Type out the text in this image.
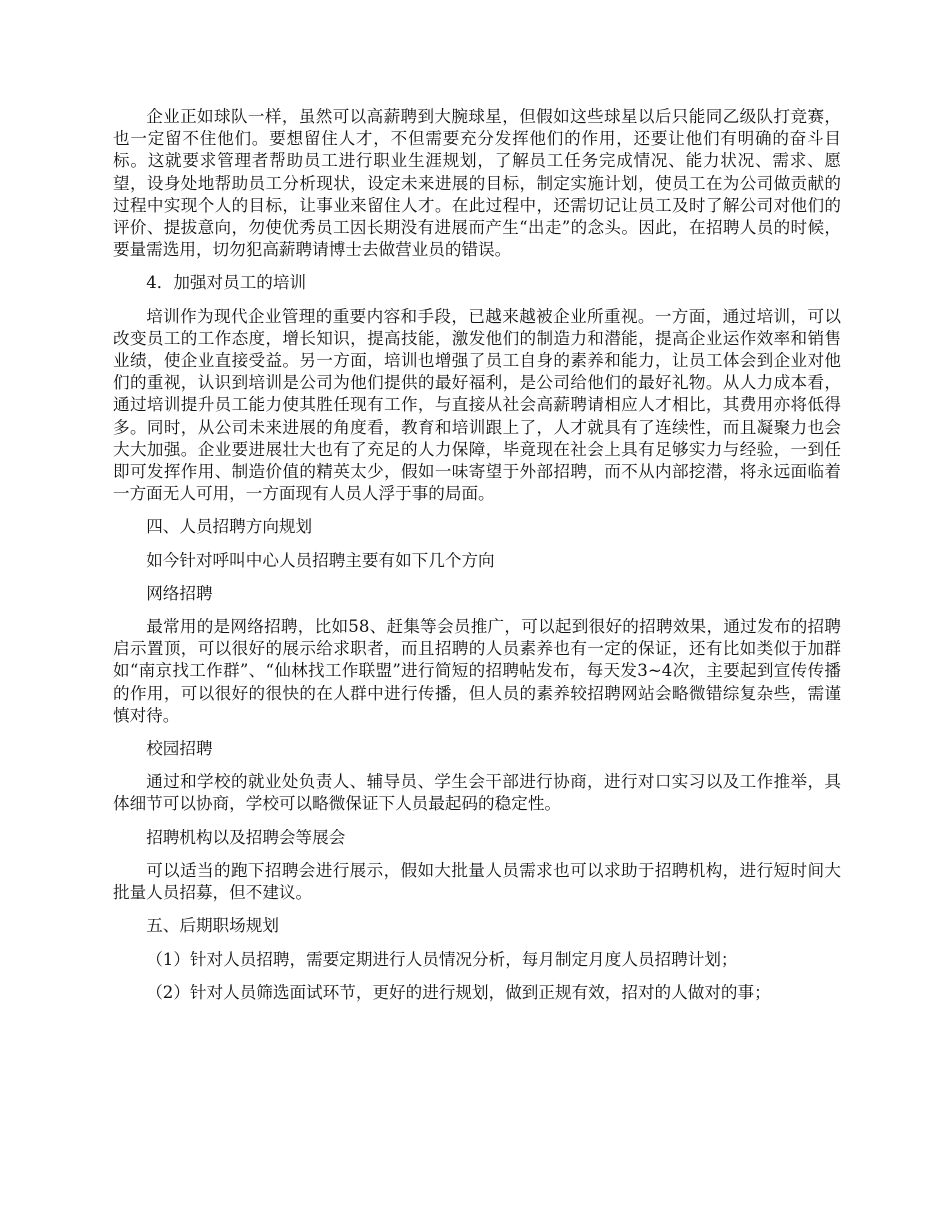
企业正如球队一样，虽然可以高薪聘到大腕球星，但假如这些球星以后只能同乙级队打竞赛，也一定留不住他们。要想留住人才，不但需要充分发挥他们的作用，还要让他们有明确的奋斗目标。这就要求管理者帮助员工进行职业生涯规划，了解员工任务完成情况、能力状况、需求、愿望，设身处地帮助员工分析现状，设定未来进展的目标，制定实施计划，使员工在为公司做贡献的过程中实现个人的目标，让事业来留住人才。在此过程中，还需切记让员工及时了解公司对他们的评价、提拔意向，勿使优秀员工因长期没有进展而产生“出走”的念头。因此，在招聘人员的时候，要量需选用，切勿犯高薪聘请博士去做营业员的错误。

4．加强对员工的培训

培训作为现代企业管理的重要内容和手段，已越来越被企业所重视。一方面，通过培训，可以改变员工的工作态度，增长知识，提高技能，激发他们的制造力和潜能，提高企业运作效率和销售业绩，使企业直接受益。另一方面，培训也增强了员工自身的素养和能力，让员工体会到企业对他们的重视，认识到培训是公司为他们提供的最好福利，是公司给他们的最好礼物。从人力成本看，通过培训提升员工能力使其胜任现有工作，与直接从社会高薪聘请相应人才相比，其费用亦将低得多。同时，从公司未来进展的角度看，教育和培训跟上了，人才就具有了连续性，而且凝聚力也会大大加强。企业要进展壮大也有了充足的人力保障，毕竟现在社会上具有足够实力与经验，一到任即可发挥作用、制造价值的精英太少，假如一味寄望于外部招聘，而不从内部挖潜，将永远面临着一方面无人可用，一方面现有人员人浮于事的局面。

四、人员招聘方向规划

如今针对呼叫中心人员招聘主要有如下几个方向

网络招聘

最常用的是网络招聘，比如58、赶集等会员推广，可以起到很好的招聘效果，通过发布的招聘启示置顶，可以很好的展示给求职者，而且招聘的人员素养也有一定的保证，还有比如类似于加群如“南京找工作群”、“仙林找工作联盟”进行简短的招聘帖发布，每天发3~4次，主要起到宣传传播的作用，可以很好的很快的在人群中进行传播，但人员的素养较招聘网站会略微错综复杂些，需谨慎对待。

校园招聘

通过和学校的就业处负责人、辅导员、学生会干部进行协商，进行对口实习以及工作推举，具体细节可以协商，学校可以略微保证下人员最起码的稳定性。

招聘机构以及招聘会等展会

可以适当的跑下招聘会进行展示，假如大批量人员需求也可以求助于招聘机构，进行短时间大批量人员招募，但不建议。

五、后期职场规划

（1）针对人员招聘，需要定期进行人员情况分析，每月制定月度人员招聘计划；

（2）针对人员筛选面试环节，更好的进行规划，做到正规有效，招对的人做对的事；
